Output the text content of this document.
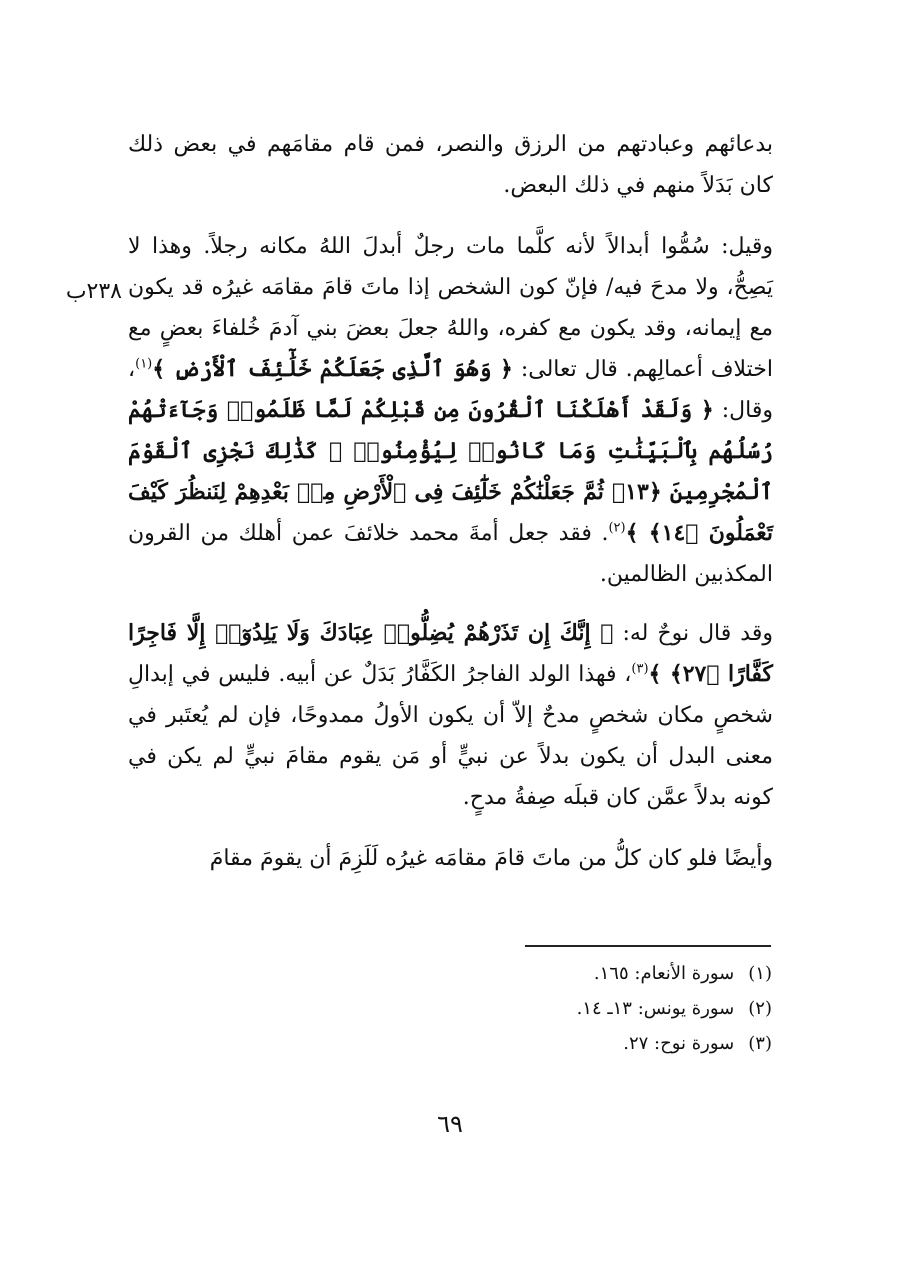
بدعائهم وعبادتهم من الرزق والنصر، فمن قام مقامَهم في بعض ذلك كان بَدَلاً منهم في ذلك البعض.

وقيل: سُمُّوا أبدالاً لأنه كلَّما مات رجلٌ أبدلَ اللهُ مكانه رجلاً. وهذا لا يَصِحُّ، ولا مدحَ فيه/ فإنّ كون الشخص إذا ماتَ قامَ مقامَه غيرُه قد يكون مع إيمانه، وقد يكون مع كفره، واللهُ جعلَ بعضَ بني آدمَ خُلفاءَ بعضٍ مع اختلاف أعمالِهم. قال تعالى: ﴿ وَهُوَ ٱلَّذِى جَعَلَكُمْ خَلَٰٓئِفَ ٱلْأَرْضِ ﴾$^{(١)}$، وقال: ﴿ وَلَقَدْ أَهْلَكْنَا ٱلْقُرُونَ مِن قَبْلِكُمْ لَمَّا ظَلَمُوا۟ وَجَآءَتْهُمْ رُسُلُهُم بِٱلْبَيِّنَٰتِ وَمَا كَانُوا۟ لِيُؤْمِنُوا۟ ۚ كَذَٰلِكَ نَجْزِى ٱلْقَوْمَ ٱلْمُجْرِمِينَ ﴿١٣﴾ ثُمَّ جَعَلْنَٰكُمْ خَلَٰٓئِفَ فِى ٱلْأَرْضِ مِنۢ بَعْدِهِمْ لِنَنظُرَ كَيْفَ تَعْمَلُونَ ﴿١٤﴾ ﴾$^{(٢)}$. فقد جعل أمةَ محمد خلائفَ عمن أهلك من القرون المكذبين الظالمين.

٢٣٨ب

وقد قال نوحٌ له: ﴿ إِنَّكَ إِن تَذَرْهُمْ يُضِلُّوا۟ عِبَادَكَ وَلَا يَلِدُوٓا۟ إِلَّا فَاجِرًا كَفَّارًا ﴿٢٧﴾ ﴾$^{(٣)}$، فهذا الولد الفاجرُ الكَفَّارُ بَدَلٌ عن أبيه. فليس في إبدالِ شخصٍ مكان شخصٍ مدحٌ إلاّ أن يكون الأولُ ممدوحًا، فإن لم يُعتَبر في معنى البدل أن يكون بدلاً عن نبيٍّ أو مَن يقوم مقامَ نبيٍّ لم يكن في كونه بدلاً عمَّن كان قبلَه صِفةُ مدحٍ.

وأيضًا فلو كان كلُّ من ماتَ قامَ مقامَه غيرُه لَلَزِمَ أن يقومَ مقامَ

(١)سورة الأنعام: ١٦٥.
(٢)سورة يونس: ١٣ـ ١٤.
(٣)سورة نوح: ٢٧.
٦٩
